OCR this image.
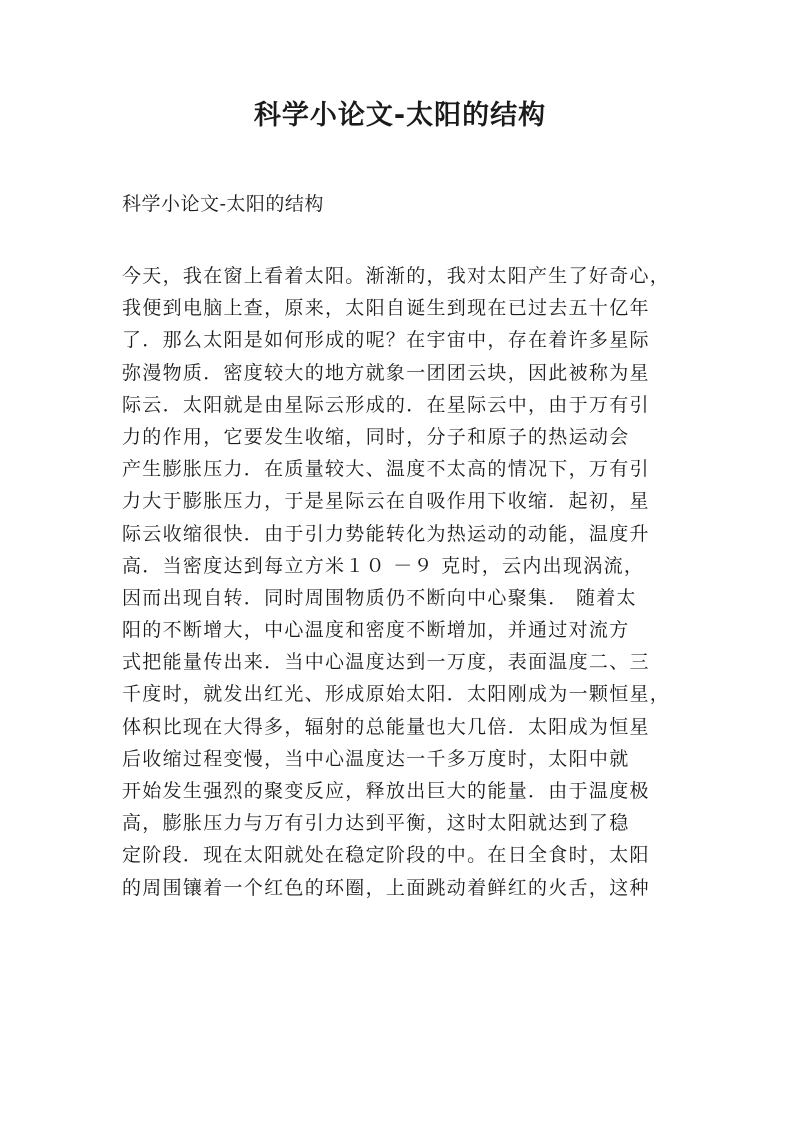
科学小论文-太阳的结构
科学小论文-太阳的结构
今天，我在窗上看着太阳。渐渐的，我对太阳产生了好奇心，
我便到电脑上查，原来，太阳自诞生到现在已过去五十亿年
了．那么太阳是如何形成的呢？在宇宙中，存在着许多星际
弥漫物质．密度较大的地方就象一团团云块，因此被称为星
际云．太阳就是由星际云形成的．在星际云中，由于万有引
力的作用，它要发生收缩，同时，分子和原子的热运动会
产生膨胀压力．在质量较大、温度不太高的情况下，万有引
力大于膨胀压力，于是星际云在自吸作用下收缩．起初，星
际云收缩很快．由于引力势能转化为热运动的动能，温度升
高．当密度达到每立方米１０ －９ 克时，云内出现涡流，
因而出现自转．同时周围物质仍不断向中心聚集． 随着太
阳的不断增大，中心温度和密度不断增加，并通过对流方
式把能量传出来．当中心温度达到一万度，表面温度二、三
千度时，就发出红光、形成原始太阳．太阳刚成为一颗恒星，
体积比现在大得多，辐射的总能量也大几倍．太阳成为恒星
后收缩过程变慢，当中心温度达一千多万度时，太阳中就
开始发生强烈的聚变反应，释放出巨大的能量．由于温度极
高，膨胀压力与万有引力达到平衡，这时太阳就达到了稳
定阶段．现在太阳就处在稳定阶段的中。在日全食时，太阳
的周围镶着一个红色的环圈，上面跳动着鲜红的火舌，这种
